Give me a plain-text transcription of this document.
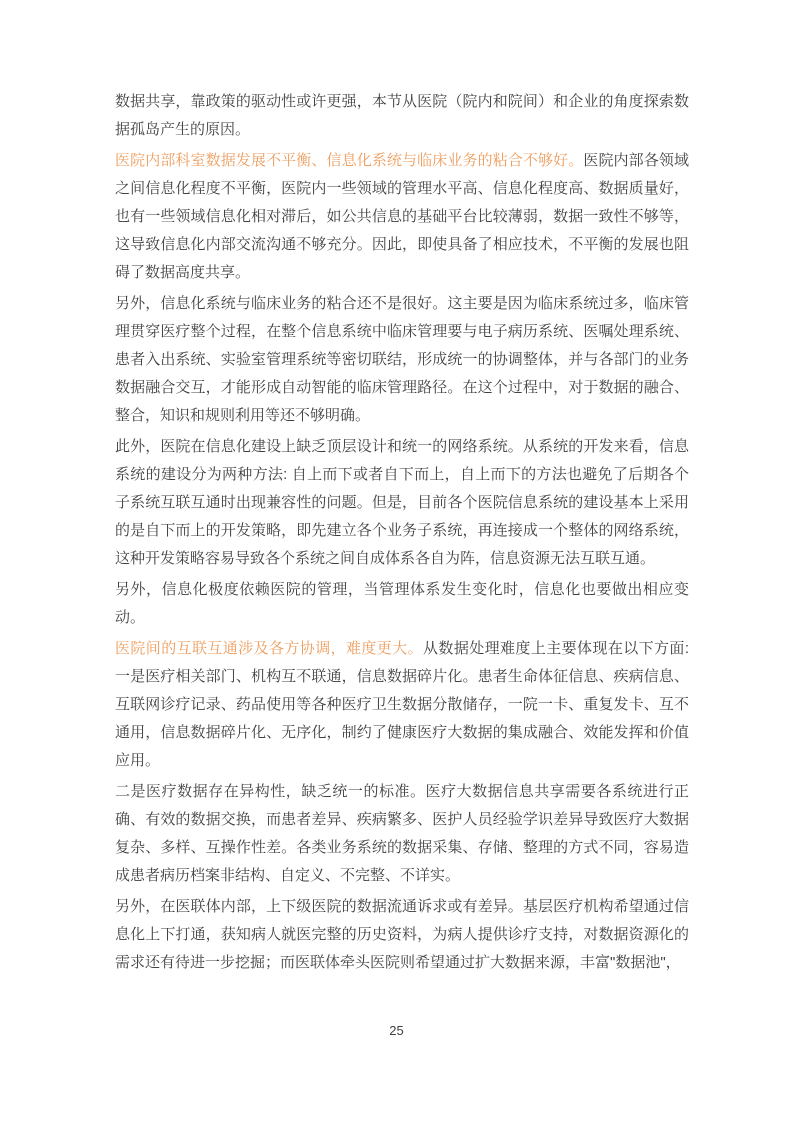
数据共享，靠政策的驱动性或许更强，本节从医院（院内和院间）和企业的角度探索数据孤岛产生的原因。

医院内部科室数据发展不平衡、信息化系统与临床业务的粘合不够好。医院内部各领域之间信息化程度不平衡，医院内一些领域的管理水平高、信息化程度高、数据质量好，也有一些领域信息化相对滞后，如公共信息的基础平台比较薄弱，数据一致性不够等，这导致信息化内部交流沟通不够充分。因此，即使具备了相应技术，不平衡的发展也阻碍了数据高度共享。

另外，信息化系统与临床业务的粘合还不是很好。这主要是因为临床系统过多，临床管理贯穿医疗整个过程，在整个信息系统中临床管理要与电子病历系统、医嘱处理系统、患者入出系统、实验室管理系统等密切联结，形成统一的协调整体，并与各部门的业务数据融合交互，才能形成自动智能的临床管理路径。在这个过程中，对于数据的融合、整合，知识和规则利用等还不够明确。

此外，医院在信息化建设上缺乏顶层设计和统一的网络系统。从系统的开发来看，信息系统的建设分为两种方法: 自上而下或者自下而上，自上而下的方法也避免了后期各个子系统互联互通时出现兼容性的问题。但是，目前各个医院信息系统的建设基本上采用的是自下而上的开发策略，即先建立各个业务子系统，再连接成一个整体的网络系统，这种开发策略容易导致各个系统之间自成体系各自为阵，信息资源无法互联互通。

另外，信息化极度依赖医院的管理，当管理体系发生变化时，信息化也要做出相应变动。

医院间的互联互通涉及各方协调，难度更大。从数据处理难度上主要体现在以下方面: 一是医疗相关部门、机构互不联通，信息数据碎片化。患者生命体征信息、疾病信息、互联网诊疗记录、药品使用等各种医疗卫生数据分散储存，一院一卡、重复发卡、互不通用，信息数据碎片化、无序化，制约了健康医疗大数据的集成融合、效能发挥和价值应用。

二是医疗数据存在异构性，缺乏统一的标准。医疗大数据信息共享需要各系统进行正确、有效的数据交换，而患者差异、疾病繁多、医护人员经验学识差异导致医疗大数据复杂、多样、互操作性差。各类业务系统的数据采集、存储、整理的方式不同，容易造成患者病历档案非结构、自定义、不完整、不详实。

另外，在医联体内部，上下级医院的数据流通诉求或有差异。基层医疗机构希望通过信息化上下打通，获知病人就医完整的历史资料，为病人提供诊疗支持，对数据资源化的需求还有待进一步挖掘；而医联体牵头医院则希望通过扩大数据来源，丰富"数据池"，

25
